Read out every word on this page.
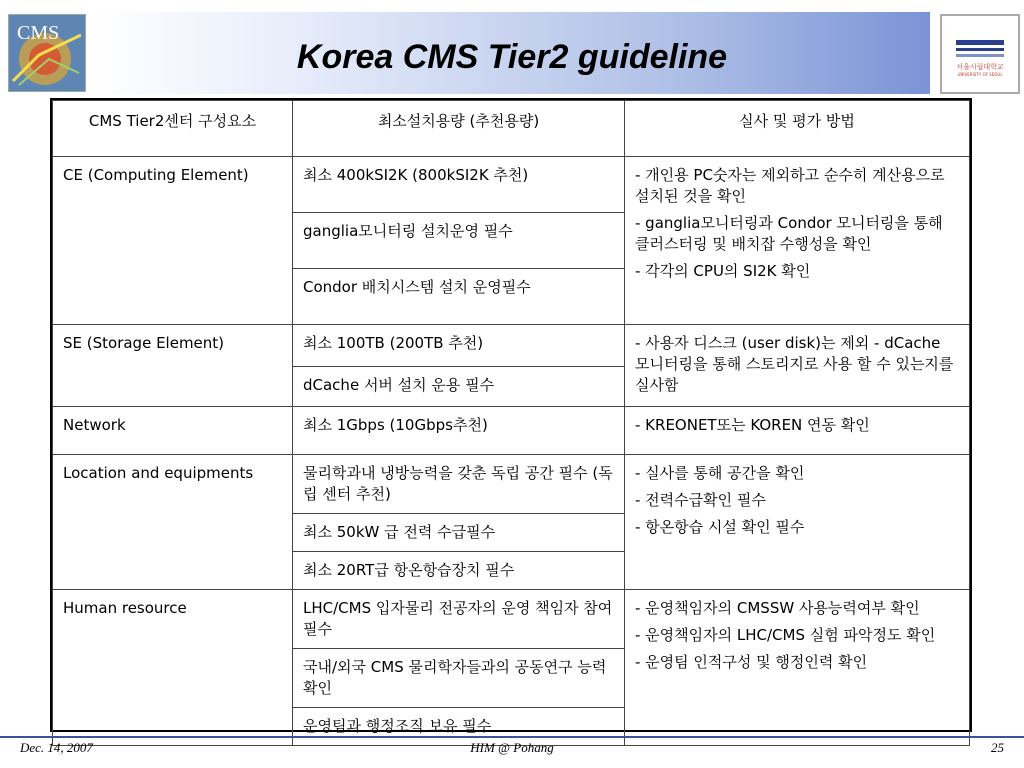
CMS
Korea CMS Tier2 guideline	서울시립대학교
UNIVERSITY OF SEOUL
CMS Tier2센터 구성요소	최소설치용량 (추천용량)	실사 및 평가 방법
CE (Computing Element)	최소 400kSI2K (800kSI2K 추천)	- 개인용 PC숫자는 제외하고 순수히 계산용으로 설치된 것을 확인

- ganglia모니터링과 Condor 모니터링을 통해 클러스터링 및 배치잡 수행성을 확인

- 각각의 CPU의 SI2K 확인

	ganglia모니터링 설치운영 필수	
	Condor 배치시스템 설치 운영필수	
SE (Storage Element)	최소 100TB (200TB 추천)	- 사용자 디스크 (user disk)는 제외 - dCache 모니터링을 통해 스토리지로 사용 할 수 있는지를 실사함

	dCache 서버 설치 운용 필수	
Network	최소 1Gbps (10Gbps추천)	- KREONET또는 KOREN 연동 확인

Location and equipments	물리학과내 냉방능력을 갖춘 독립 공간 필수 (독립 센터 추천)	- 실사를 통해 공간을 확인

- 전력수급확인 필수

- 항온항습 시설 확인 필수

	최소 50kW 급 전력 수급필수	
	최소 20RT급 항온항습장치 필수	
Human resource	LHC/CMS 입자물리 전공자의 운영 책임자 참여 필수	- 운영책임자의 CMSSW 사용능력여부 확인

- 운영책임자의 LHC/CMS 실험 파악정도 확인

- 운영팀 인적구성 및 행정인력 확인

	국내/외국 CMS 물리학자들과의 공동연구 능력 확인	
	운영팀과 행정조직 보유 필수	
Dec. 14, 2007	HIM @ Pohang	25
